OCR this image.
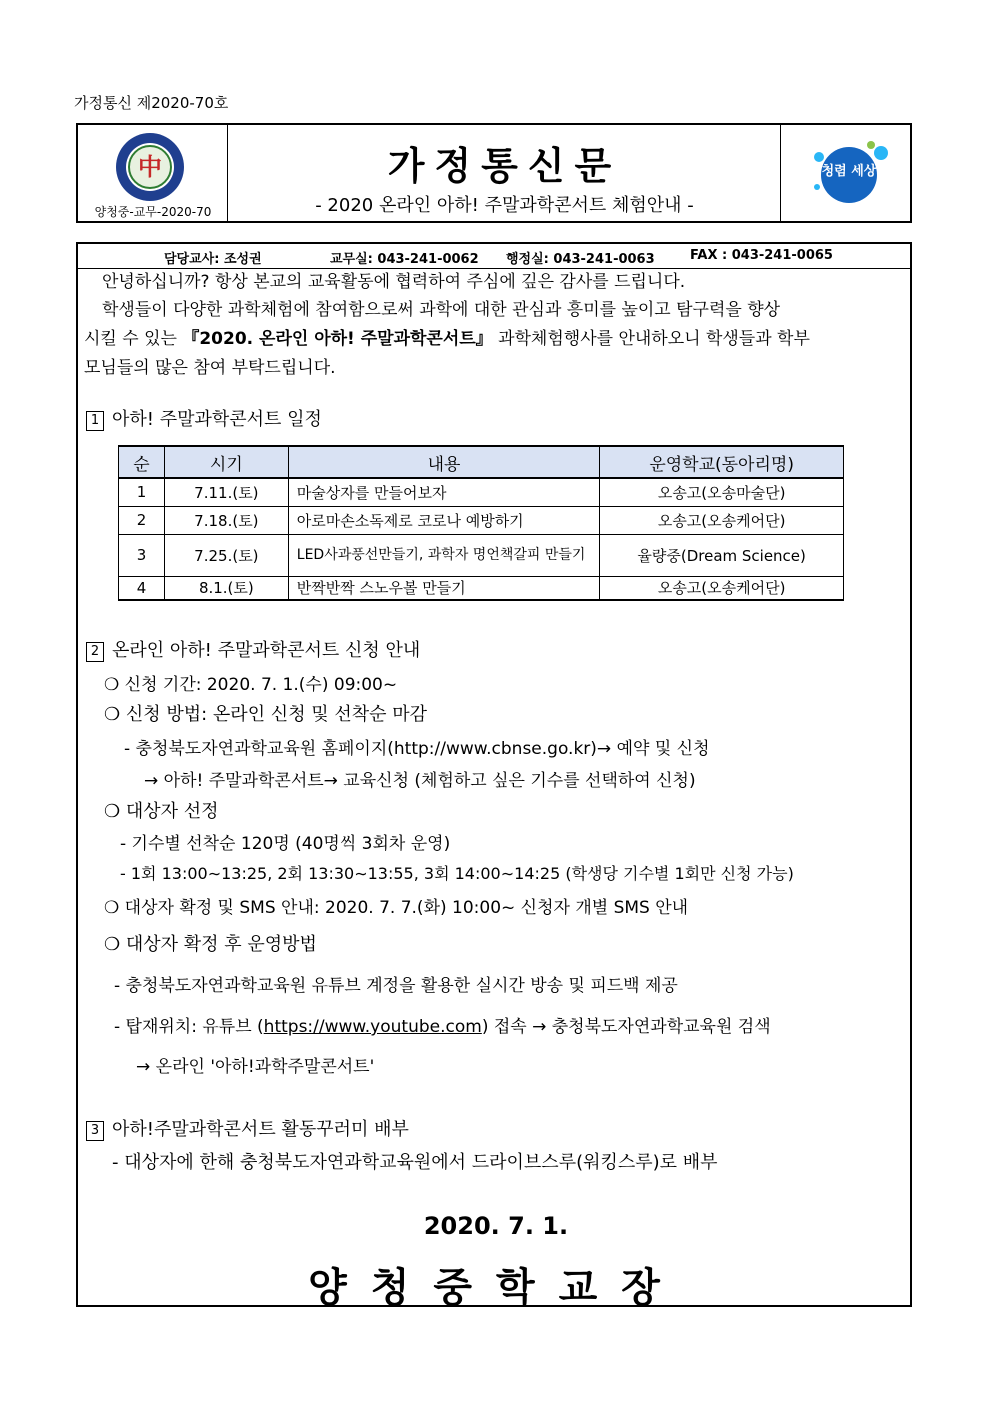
가정통신 제2020-70호
中
양청중-교무-2020-70
가정통신문
- 2020 온라인 아하! 주말과학콘서트 체험안내 -
청렴 세상
담당교사: 조성권	교무실: 043-241-0062 행정실: 043-241-0063	FAX : 043-241-0065
안녕하십니까? 항상 본교의 교육활동에 협력하여 주심에 깊은 감사를 드립니다.
학생들이 다양한 과학체험에 참여함으로써 과학에 대한 관심과 흥미를 높이고 탐구력을 향상
시킬 수 있는 『2020. 온라인 아하! 주말과학콘서트』 과학체험행사를 안내하오니 학생들과 학부
모님들의 많은 참여 부탁드립니다.
1 아하! 주말과학콘서트 일정
순	시기	내용	운영학교(동아리명)
1	7.11.(토)	마술상자를 만들어보자	오송고(오송마술단)
2	7.18.(토)	아로마손소독제로 코로나 예방하기	오송고(오송케어단)
3	7.25.(토)	LED사과풍선만들기, 과학자 명언책갈피 만들기	율량중(Dream Science)
4	8.1.(토)	반짝반짝 스노우볼 만들기	오송고(오송케어단)
2 온라인 아하! 주말과학콘서트 신청 안내
❍ 신청 기간: 2020. 7. 1.(수) 09:00~
❍ 신청 방법: 온라인 신청 및 선착순 마감
- 충청북도자연과학교육원 홈페이지(http://www.cbnse.go.kr)→ 예약 및 신청
→ 아하! 주말과학콘서트→ 교육신청 (체험하고 싶은 기수를 선택하여 신청)
❍ 대상자 선정
- 기수별 선착순 120명 (40명씩 3회차 운영)
- 1회 13:00∼13:25, 2회 13:30∼13:55, 3회 14:00∼14:25 (학생당 기수별 1회만 신청 가능)
❍ 대상자 확정 및 SMS 안내: 2020. 7. 7.(화) 10:00~ 신청자 개별 SMS 안내
❍ 대상자 확정 후 운영방법
- 충청북도자연과학교육원 유튜브 계정을 활용한 실시간 방송 및 피드백 제공
- 탑재위치: 유튜브 (https://www.youtube.com) 접속 → 충청북도자연과학교육원 검색
→ 온라인 '아하!과학주말콘서트'
3 아하!주말과학콘서트 활동꾸러미 배부
- 대상자에 한해 충청북도자연과학교육원에서 드라이브스루(워킹스루)로 배부
2020. 7. 1.
양청중학교장
